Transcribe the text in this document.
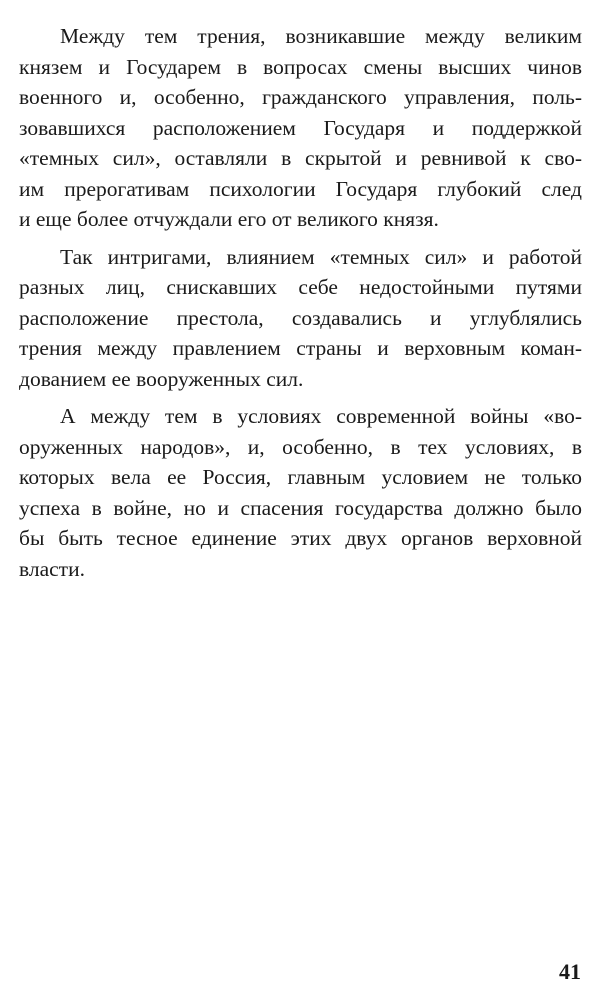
Между тем трения, возникавшие между великим
князем и Государем в вопросах смены высших чинов
военного и, особенно, гражданского управления, поль-
зовавшихся расположением Государя и поддержкой
«темных сил», оставляли в скрытой и ревнивой к сво-
им прерогативам психологии Государя глубокий след
и еще более отчуждали его от великого князя.

Так интригами, влиянием «темных сил» и работой
разных лиц, снискавших себе недостойными путями
расположение престола, создавались и углублялись
трения между правлением страны и верховным коман-
дованием ее вооруженных сил.

А между тем в условиях современной войны «во-
оруженных народов», и, особенно, в тех условиях, в
которых вела ее Россия, главным условием не только
успеха в войне, но и спасения государства должно было
бы быть тесное единение этих двух органов верховной
власти.

41
